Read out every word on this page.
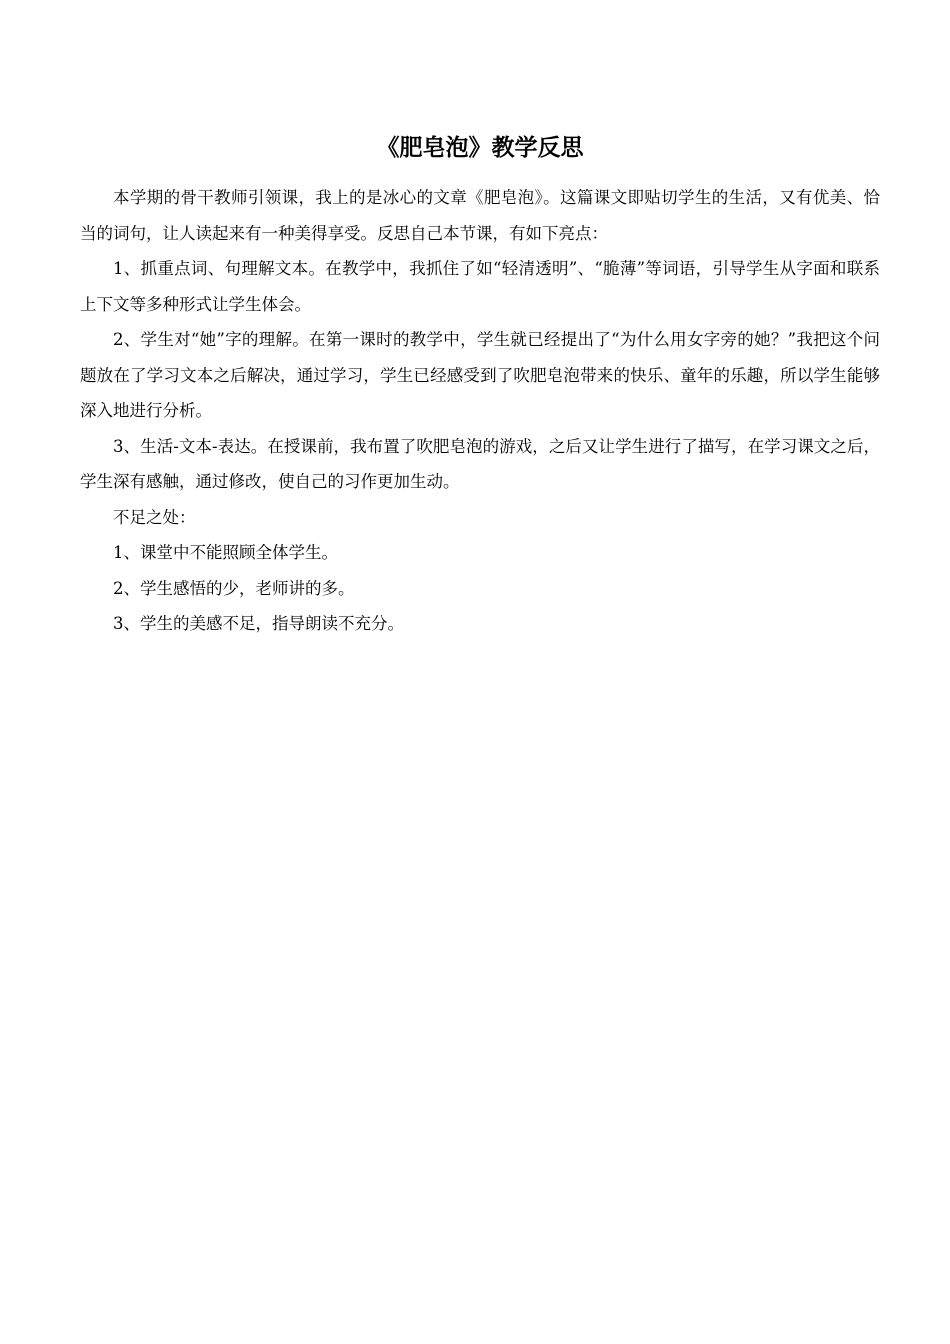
《肥皂泡》教学反思

本学期的骨干教师引领课，我上的是冰心的文章《肥皂泡》。这篇课文即贴切学生的生活，又有优美、恰当的词句，让人读起来有一种美得享受。反思自己本节课，有如下亮点：

1、抓重点词、句理解文本。在教学中，我抓住了如“轻清透明”、“脆薄”等词语，引导学生从字面和联系上下文等多种形式让学生体会。

2、学生对“她”字的理解。在第一课时的教学中，学生就已经提出了“为什么用女字旁的她？”我把这个问题放在了学习文本之后解决，通过学习，学生已经感受到了吹肥皂泡带来的快乐、童年的乐趣，所以学生能够深入地进行分析。

3、生活-文本-表达。在授课前，我布置了吹肥皂泡的游戏，之后又让学生进行了描写，在学习课文之后，学生深有感触，通过修改，使自己的习作更加生动。

不足之处：

1、课堂中不能照顾全体学生。

2、学生感悟的少，老师讲的多。

3、学生的美感不足，指导朗读不充分。
